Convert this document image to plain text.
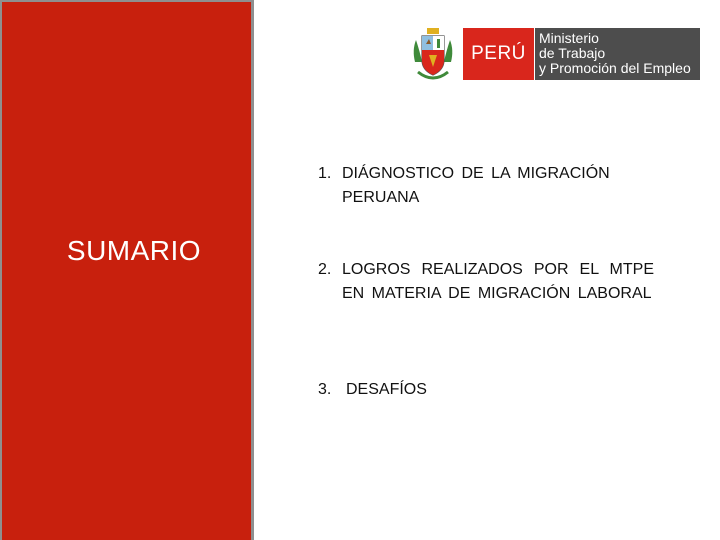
SUMARIO
PERÚ
Ministerio
de Trabajo
y Promoción del Empleo
1. DIÁGNOSTICO DE LA MIGRACIÓN PERUANA
2. LOGROS REALIZADOS POR EL MTPE EN MATERIA DE MIGRACIÓN LABORAL
3. DESAFÍOS
